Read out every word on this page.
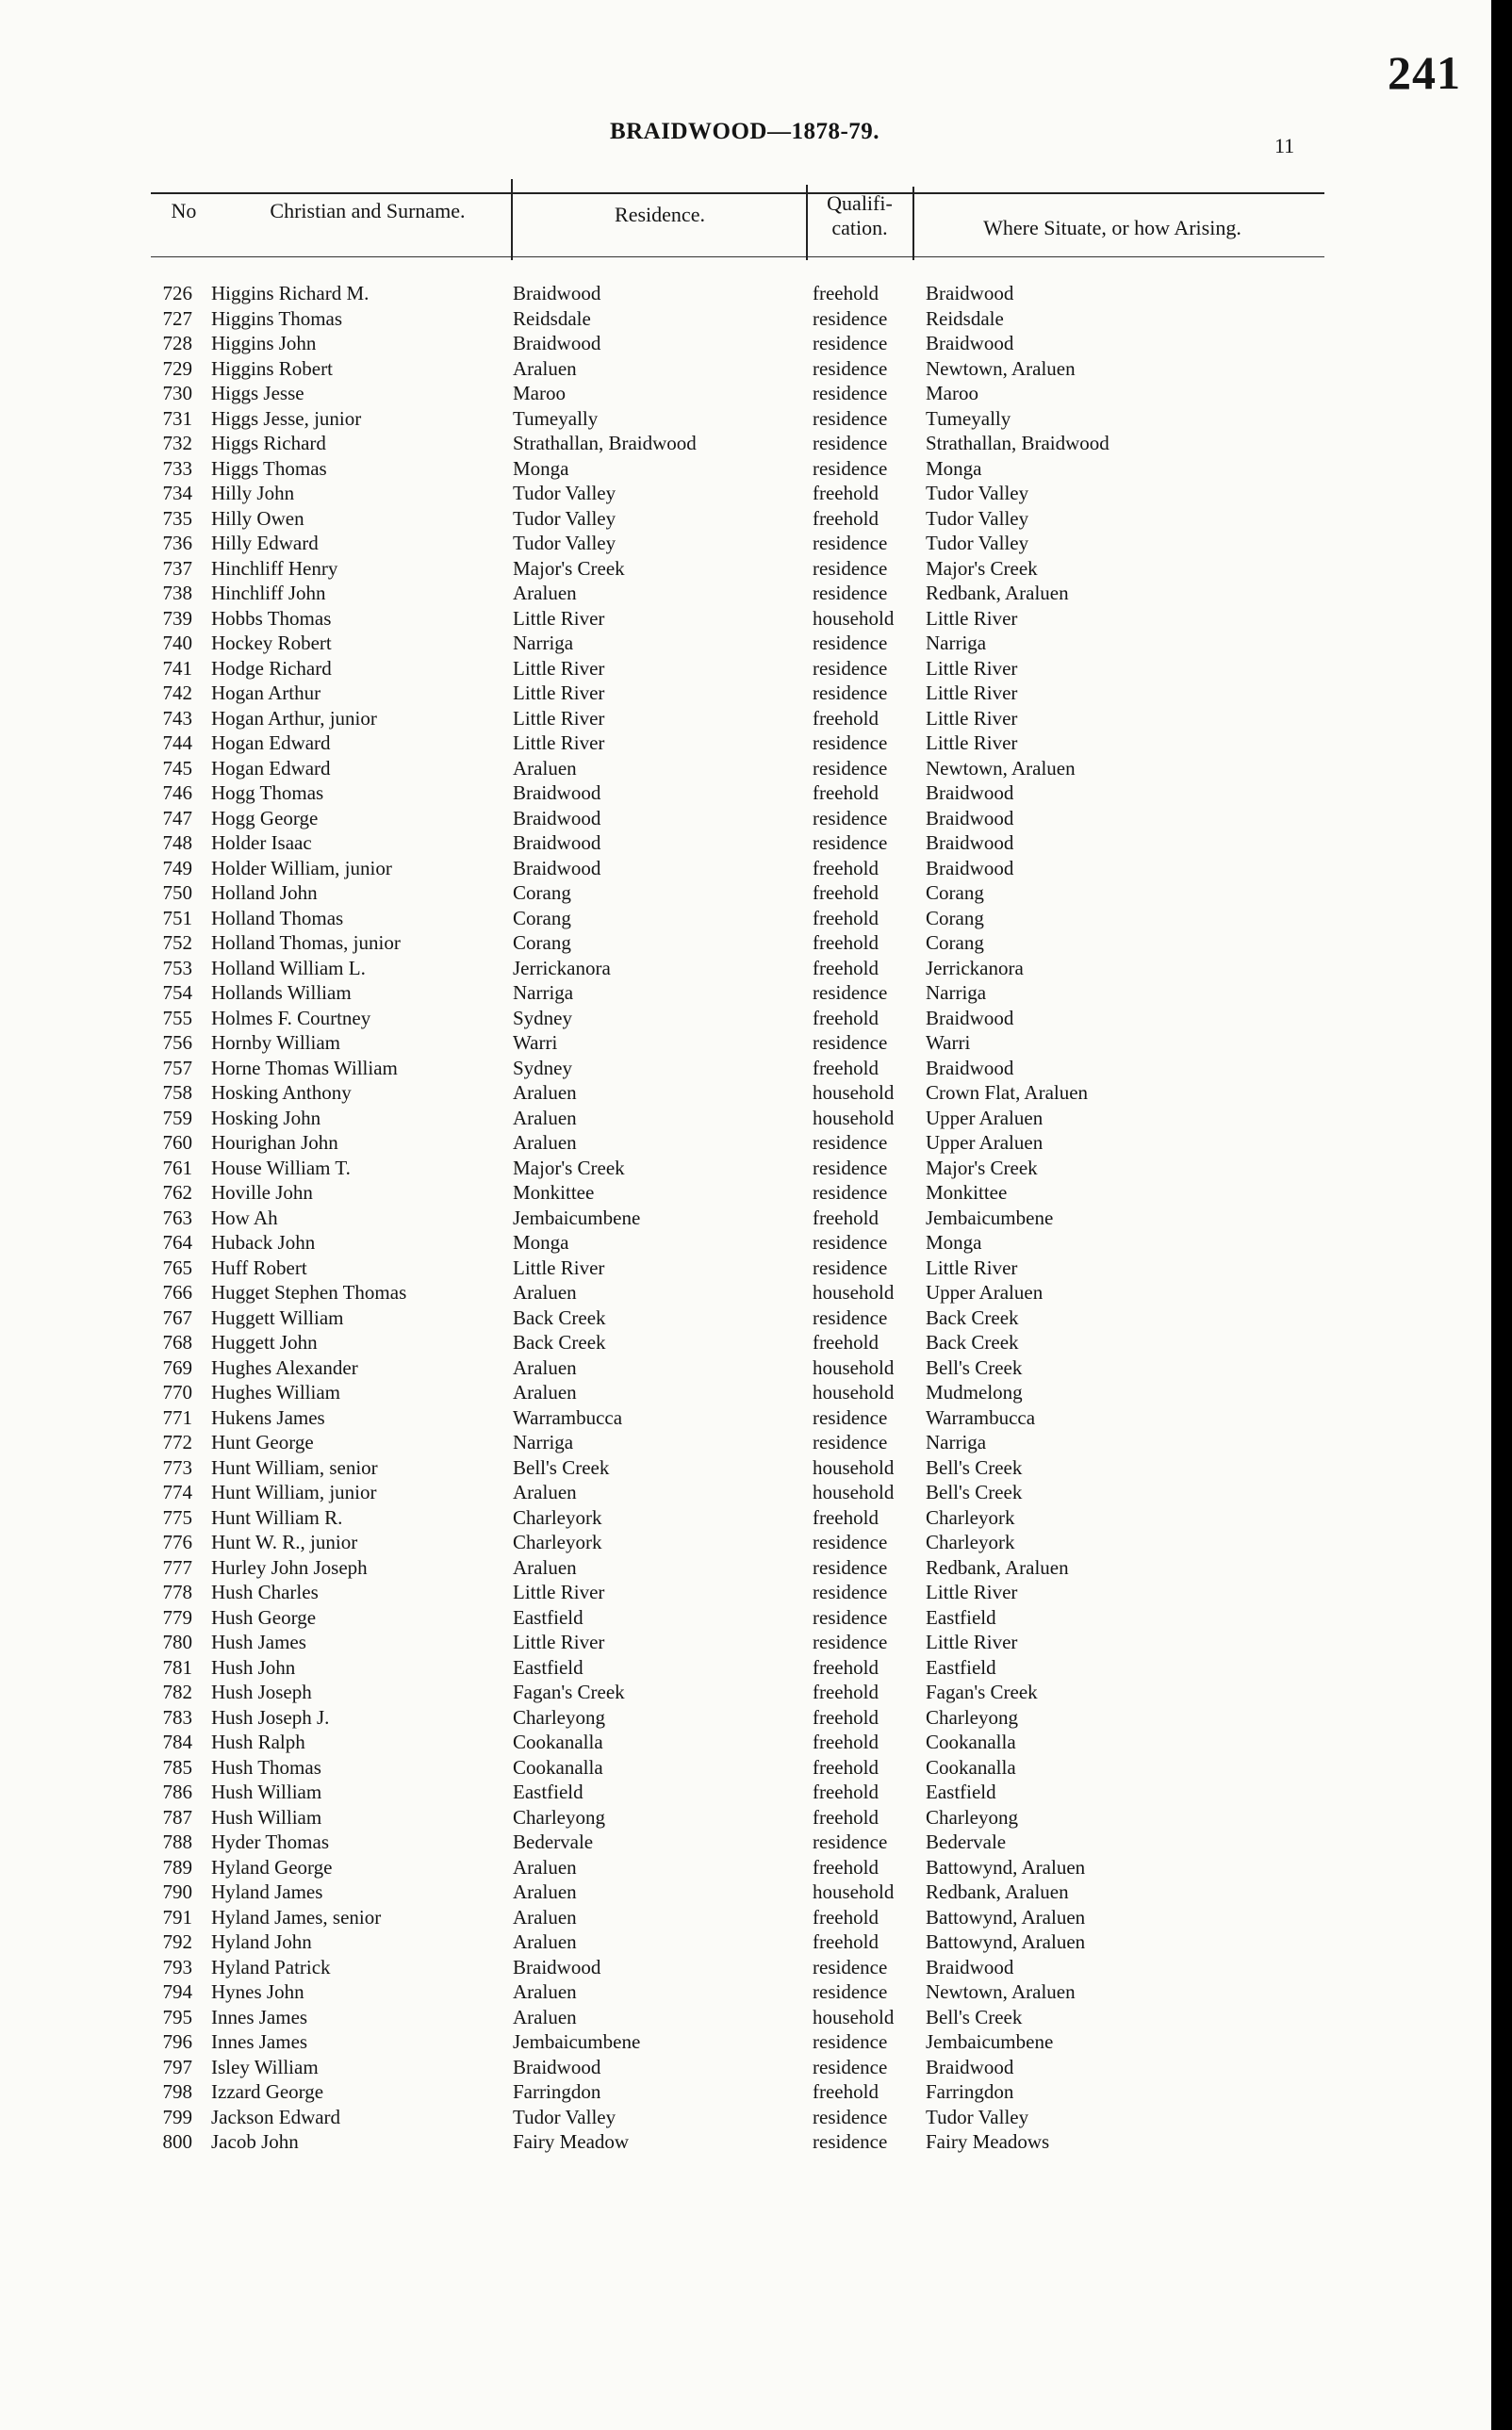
241
BRAIDWOOD—1878-79.
11
No	Christian and Surname.	Residence.	Qualifi-
cation.	Where Situate, or how Arising.
726 Higgins Richard M.	Braidwood	freehold Braidwood
727 Higgins Thomas	Reidsdale	residence Reidsdale
728 Higgins John	Braidwood	residence Braidwood
729 Higgins Robert	Araluen	residence Newtown, Araluen
730 Higgs Jesse	Maroo	residence Maroo
731 Higgs Jesse, junior	Tumeyally	residence Tumeyally
732 Higgs Richard	Strathallan, Braidwood	residence Strathallan, Braidwood
733 Higgs Thomas	Monga	residence Monga
734 Hilly John	Tudor Valley	freehold Tudor Valley
735 Hilly Owen	Tudor Valley	freehold Tudor Valley
736 Hilly Edward	Tudor Valley	residence Tudor Valley
737 Hinchliff Henry	Major's Creek	residence Major's Creek
738 Hinchliff John	Araluen	residence Redbank, Araluen
739 Hobbs Thomas	Little River	household Little River
740 Hockey Robert	Narriga	residence Narriga
741 Hodge Richard	Little River	residence Little River
742 Hogan Arthur	Little River	residence Little River
743 Hogan Arthur, junior	Little River	freehold Little River
744 Hogan Edward	Little River	residence Little River
745 Hogan Edward	Araluen	residence Newtown, Araluen
746 Hogg Thomas	Braidwood	freehold Braidwood
747 Hogg George	Braidwood	residence Braidwood
748 Holder Isaac	Braidwood	residence Braidwood
749 Holder William, junior	Braidwood	freehold Braidwood
750 Holland John	Corang	freehold Corang
751 Holland Thomas	Corang	freehold Corang
752 Holland Thomas, junior	Corang	freehold Corang
753 Holland William L.	Jerrickanora	freehold Jerrickanora
754 Hollands William	Narriga	residence Narriga
755 Holmes F. Courtney	Sydney	freehold Braidwood
756 Hornby William	Warri	residence Warri
757 Horne Thomas William	Sydney	freehold Braidwood
758 Hosking Anthony	Araluen	household Crown Flat, Araluen
759 Hosking John	Araluen	household Upper Araluen
760 Hourighan John	Araluen	residence Upper Araluen
761 House William T.	Major's Creek	residence Major's Creek
762 Hoville John	Monkittee	residence Monkittee
763 How Ah	Jembaicumbene	freehold Jembaicumbene
764 Huback John	Monga	residence Monga
765 Huff Robert	Little River	residence Little River
766 Hugget Stephen Thomas	Araluen	household Upper Araluen
767 Huggett William	Back Creek	residence Back Creek
768 Huggett John	Back Creek	freehold Back Creek
769 Hughes Alexander	Araluen	household Bell's Creek
770 Hughes William	Araluen	household Mudmelong
771 Hukens James	Warrambucca	residence Warrambucca
772 Hunt George	Narriga	residence Narriga
773 Hunt William, senior	Bell's Creek	household Bell's Creek
774 Hunt William, junior	Araluen	household Bell's Creek
775 Hunt William R.	Charleyork	freehold Charleyork
776 Hunt W. R., junior	Charleyork	residence Charleyork
777 Hurley John Joseph	Araluen	residence Redbank, Araluen
778 Hush Charles	Little River	residence Little River
779 Hush George	Eastfield	residence Eastfield
780 Hush James	Little River	residence Little River
781 Hush John	Eastfield	freehold Eastfield
782 Hush Joseph	Fagan's Creek	freehold Fagan's Creek
783 Hush Joseph J.	Charleyong	freehold Charleyong
784 Hush Ralph	Cookanalla	freehold Cookanalla
785 Hush Thomas	Cookanalla	freehold Cookanalla
786 Hush William	Eastfield	freehold Eastfield
787 Hush William	Charleyong	freehold Charleyong
788 Hyder Thomas	Bedervale	residence Bedervale
789 Hyland George	Araluen	freehold Battowynd, Araluen
790 Hyland James	Araluen	household Redbank, Araluen
791 Hyland James, senior	Araluen	freehold Battowynd, Araluen
792 Hyland John	Araluen	freehold Battowynd, Araluen
793 Hyland Patrick	Braidwood	residence Braidwood
794 Hynes John	Araluen	residence Newtown, Araluen
795 Innes James	Araluen	household Bell's Creek
796 Innes James	Jembaicumbene	residence Jembaicumbene
797 Isley William	Braidwood	residence Braidwood
798 Izzard George	Farringdon	freehold Farringdon
799 Jackson Edward	Tudor Valley	residence Tudor Valley
800 Jacob John	Fairy Meadow	residence Fairy Meadows
